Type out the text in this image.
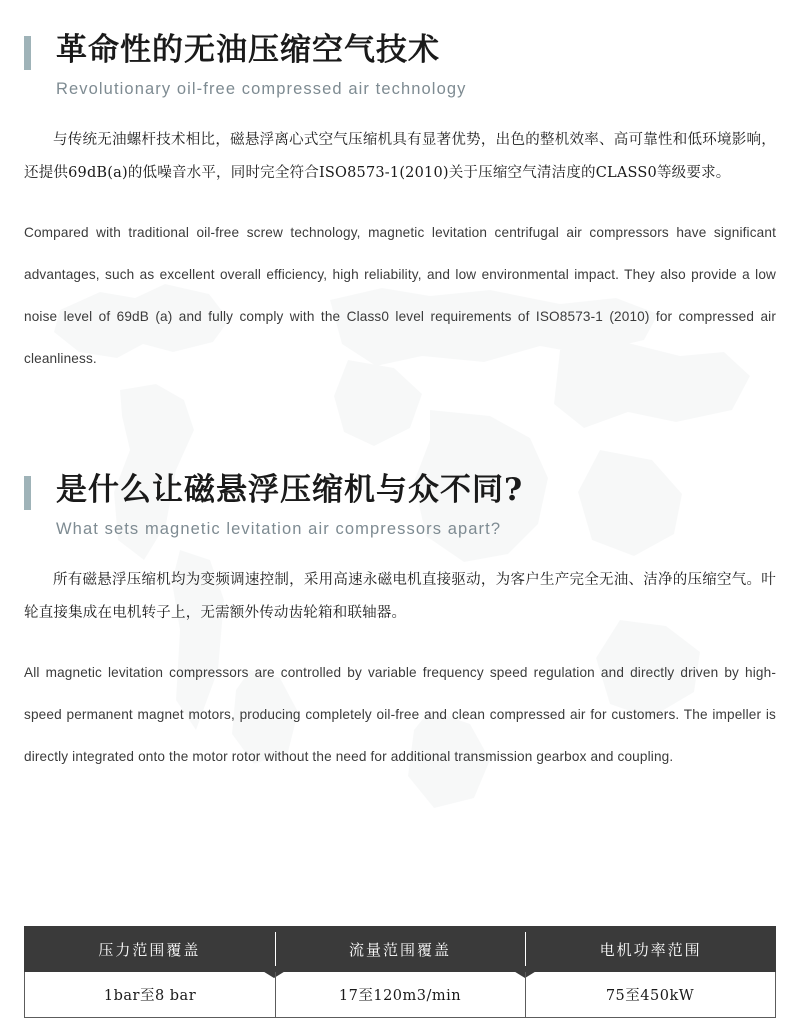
革命性的无油压缩空气技术
Revolutionary oil-free compressed air technology

与传统无油螺杆技术相比，磁悬浮离心式空气压缩机具有显著优势，出色的整机效率、高可靠性和低环境影响，还提供69dB(a)的低噪音水平，同时完全符合ISO8573-1(2010)关于压缩空气清洁度的CLASS0等级要求。

Compared with traditional oil-free screw technology, magnetic levitation centrifugal air compressors have significant advantages, such as excellent overall efficiency, high reliability, and low environmental impact. They also provide a low noise level of 69dB (a) and fully comply with the Class0 level requirements of ISO8573-1 (2010) for compressed air cleanliness.

是什么让磁悬浮压缩机与众不同?
What sets magnetic levitation air compressors apart?

所有磁悬浮压缩机均为变频调速控制，采用高速永磁电机直接驱动，为客户生产完全无油、洁净的压缩空气。叶轮直接集成在电机转子上，无需额外传动齿轮箱和联轴器。

All magnetic levitation compressors are controlled by variable frequency speed regulation and directly driven by high-speed permanent magnet motors, producing completely oil-free and clean compressed air for customers. The impeller is directly integrated onto the motor rotor without the need for additional transmission gearbox and coupling.

压力范围覆盖	流量范围覆盖	电机功率范围
1bar至8 bar	17至120m3/min	75至450kW
